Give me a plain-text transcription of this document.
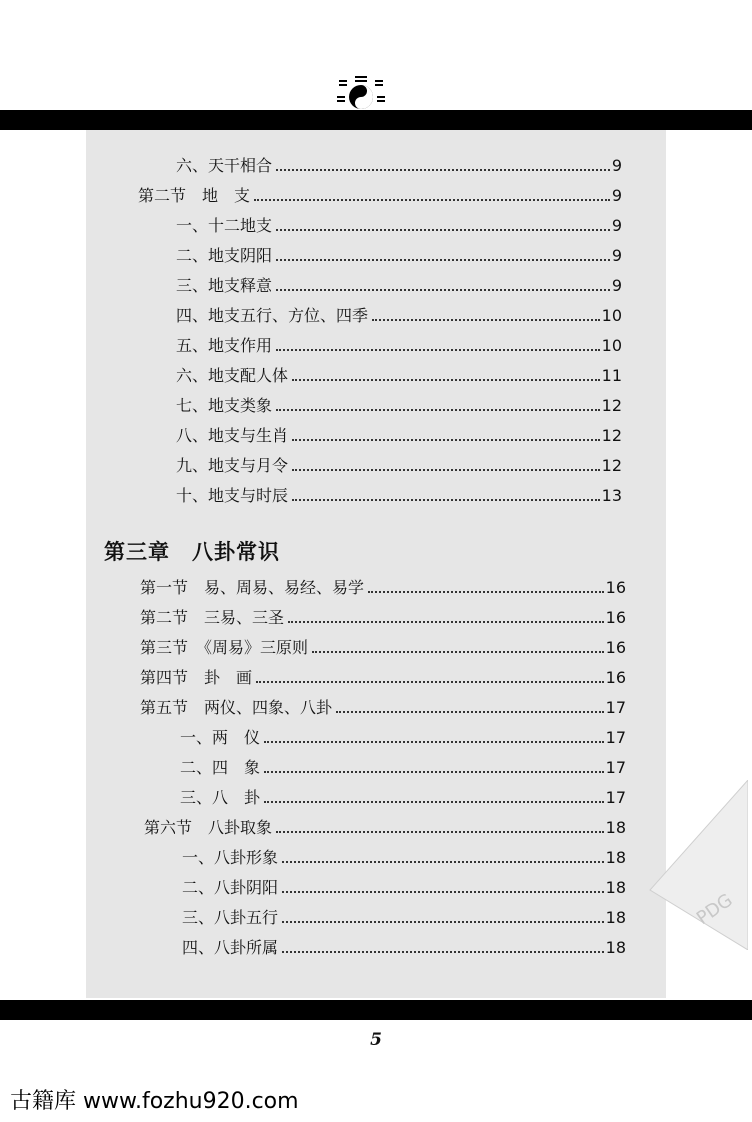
六、天干相合	9
第二节　地　支	9
一、十二地支	9
二、地支阴阳	9
三、地支释意	9
四、地支五行、方位、四季	10
五、地支作用	10
六、地支配人体	11
七、地支类象	12
八、地支与生肖	12
九、地支与月令	12
十、地支与时辰	13
第三章　八卦常识
第一节　易、周易、易经、易学	16
第二节　三易、三圣	16
第三节　《周易》三原则	16
第四节　卦　画	16
第五节　两仪、四象、八卦	17
一、两　仪	17
二、四　象	17
三、八　卦	17
第六节　八卦取象	18
一、八卦形象	18
二、八卦阴阳	18
三、八卦五行	18
四、八卦所属	18
PDG
5
古籍库 www.fozhu920.com
